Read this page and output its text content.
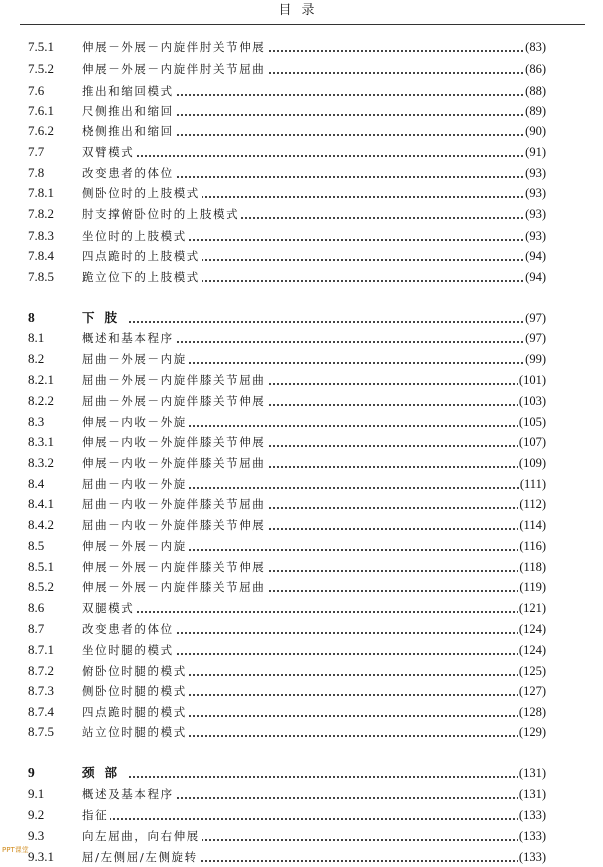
目录
7.5.1	伸展－外展－内旋伴肘关节伸展	(83)
7.5.2	伸展－外展－内旋伴肘关节屈曲	(86)
7.6	推出和缩回模式	(88)
7.6.1	尺侧推出和缩回	(89)
7.6.2	桡侧推出和缩回	(90)
7.7	双臂模式	(91)
7.8	改变患者的体位	(93)
7.8.1	侧卧位时的上肢模式	(93)
7.8.2	肘支撑俯卧位时的上肢模式	(93)
7.8.3	坐位时的上肢模式	(93)
7.8.4	四点跪时的上肢模式	(94)
7.8.5	跪立位下的上肢模式	(94)
8	下肢	(97)
8.1	概述和基本程序	(97)
8.2	屈曲－外展－内旋	(99)
8.2.1	屈曲－外展－内旋伴膝关节屈曲	(101)
8.2.2	屈曲－外展－内旋伴膝关节伸展	(103)
8.3	伸展－内收－外旋	(105)
8.3.1	伸展－内收－外旋伴膝关节伸展	(107)
8.3.2	伸展－内收－外旋伴膝关节屈曲	(109)
8.4	屈曲－内收－外旋	(111)
8.4.1	屈曲－内收－外旋伴膝关节屈曲	(112)
8.4.2	屈曲－内收－外旋伴膝关节伸展	(114)
8.5	伸展－外展－内旋	(116)
8.5.1	伸展－外展－内旋伴膝关节伸展	(118)
8.5.2	伸展－外展－内旋伴膝关节屈曲	(119)
8.6	双腿模式	(121)
8.7	改变患者的体位	(124)
8.7.1	坐位时腿的模式	(124)
8.7.2	俯卧位时腿的模式	(125)
8.7.3	侧卧位时腿的模式	(127)
8.7.4	四点跪时腿的模式	(128)
8.7.5	站立位时腿的模式	(129)
9	颈部	(131)
9.1	概述及基本程序	(131)
9.2	指征	(133)
9.3	向左屈曲，向右伸展	(133)
9.3.1	屈/左侧屈/左侧旋转	(133)
PPT课堂
